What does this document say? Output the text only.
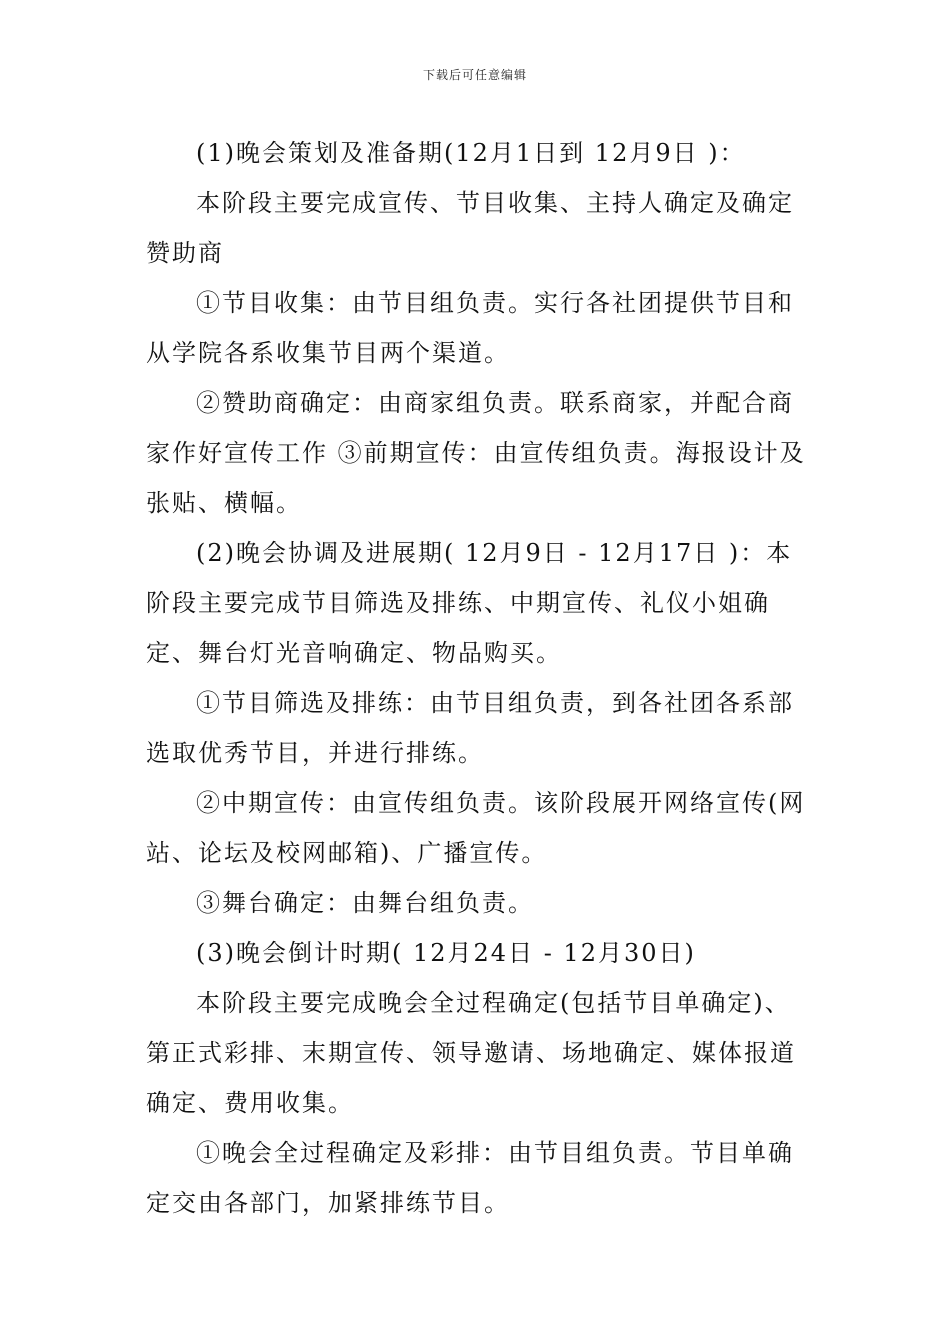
下载后可任意编辑

(1)晚会策划及准备期(12月1日到 12月9日 )：

本阶段主要完成宣传、节目收集、主持人确定及确定赞助商

①节目收集：由节目组负责。实行各社团提供节目和从学院各系收集节目两个渠道。

②赞助商确定：由商家组负责。联系商家，并配合商家作好宣传工作 ③前期宣传：由宣传组负责。海报设计及张贴、横幅。

(2)晚会协调及进展期( 12月9日 - 12月17日 )：本阶段主要完成节目筛选及排练、中期宣传、礼仪小姐确定、舞台灯光音响确定、物品购买。

①节目筛选及排练：由节目组负责，到各社团各系部选取优秀节目，并进行排练。

②中期宣传：由宣传组负责。该阶段展开网络宣传(网站、论坛及校网邮箱)、广播宣传。

③舞台确定：由舞台组负责。

(3)晚会倒计时期( 12月24日 - 12月30日)

本阶段主要完成晚会全过程确定(包括节目单确定)、第正式彩排、末期宣传、领导邀请、场地确定、媒体报道确定、费用收集。

①晚会全过程确定及彩排：由节目组负责。节目单确定交由各部门，加紧排练节目。
